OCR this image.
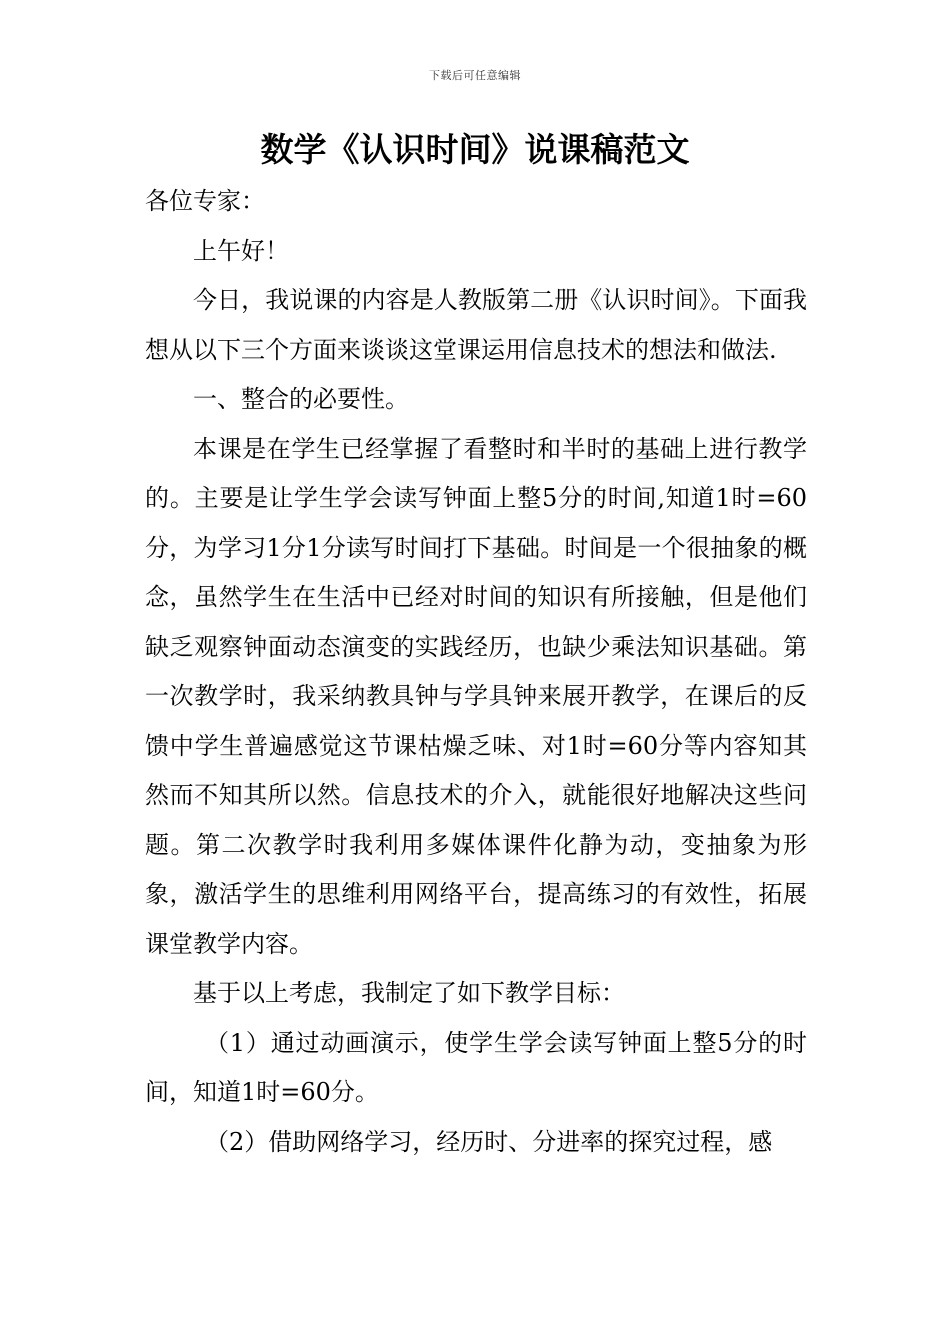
下载后可任意编辑
数学《认识时间》说课稿范文

各位专家：

上午好！

今日，我说课的内容是人教版第二册《认识时间》。下面我想从以下三个方面来谈谈这堂课运用信息技术的想法和做法.

一、整合的必要性。

本课是在学生已经掌握了看整时和半时的基础上进行教学的。主要是让学生学会读写钟面上整5分的时间,知道1时=60分，为学习1分1分读写时间打下基础。时间是一个很抽象的概念，虽然学生在生活中已经对时间的知识有所接触，但是他们缺乏观察钟面动态演变的实践经历，也缺少乘法知识基础。第一次教学时，我采纳教具钟与学具钟来展开教学，在课后的反馈中学生普遍感觉这节课枯燥乏味、对1时=60分等内容知其然而不知其所以然。信息技术的介入，就能很好地解决这些问题。第二次教学时我利用多媒体课件化静为动，变抽象为形象，激活学生的思维利用网络平台，提高练习的有效性，拓展课堂教学内容。

基于以上考虑，我制定了如下教学目标：

（1）通过动画演示，使学生学会读写钟面上整5分的时间，知道1时=60分。

（2）借助网络学习，经历时、分进率的探究过程，感
